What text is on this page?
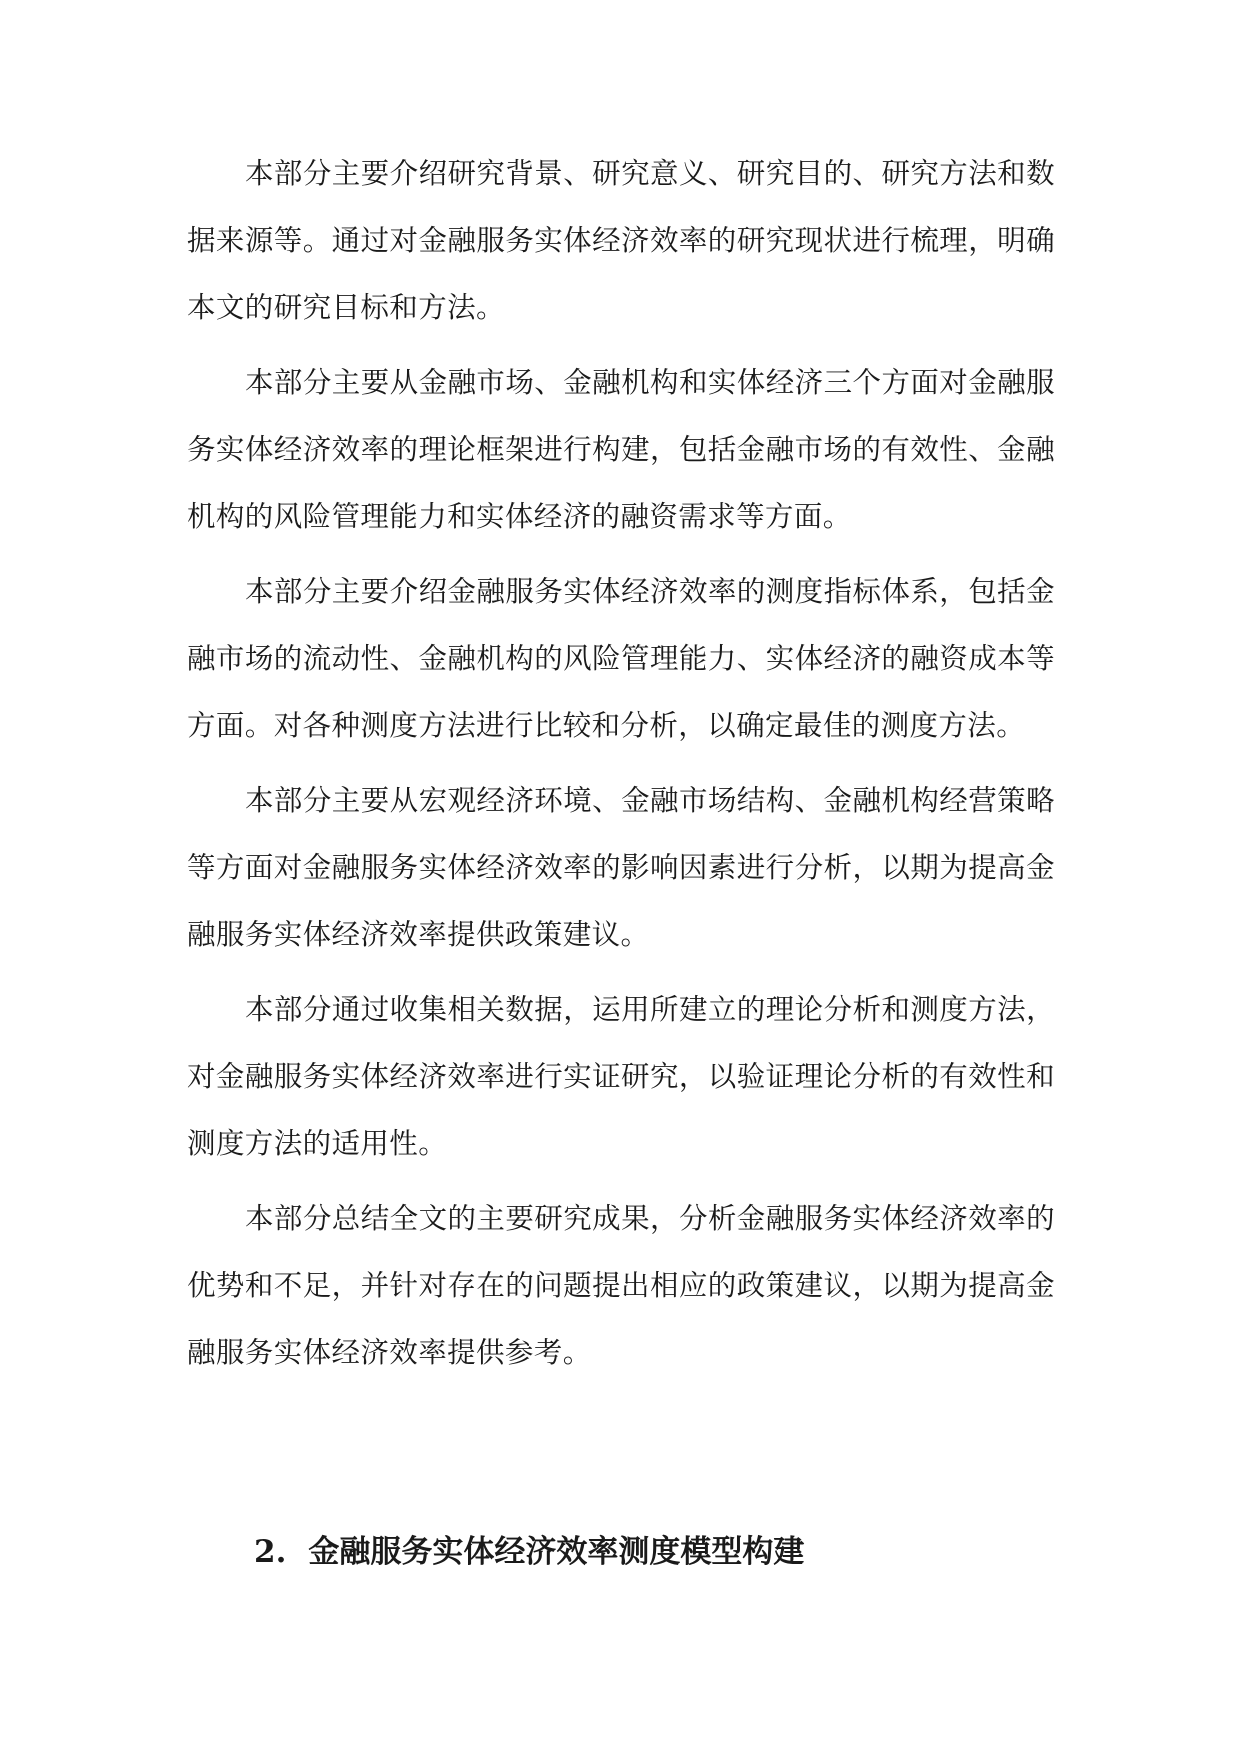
本部分主要介绍研究背景、研究意义、研究目的、研究方法和数据来源等。通过对金融服务实体经济效率的研究现状进行梳理，明确本文的研究目标和方法。

本部分主要从金融市场、金融机构和实体经济三个方面对金融服务实体经济效率的理论框架进行构建，包括金融市场的有效性、金融机构的风险管理能力和实体经济的融资需求等方面。

本部分主要介绍金融服务实体经济效率的测度指标体系，包括金融市场的流动性、金融机构的风险管理能力、实体经济的融资成本等方面。对各种测度方法进行比较和分析，以确定最佳的测度方法。

本部分主要从宏观经济环境、金融市场结构、金融机构经营策略等方面对金融服务实体经济效率的影响因素进行分析，以期为提高金融服务实体经济效率提供政策建议。

本部分通过收集相关数据，运用所建立的理论分析和测度方法，对金融服务实体经济效率进行实证研究，以验证理论分析的有效性和测度方法的适用性。

本部分总结全文的主要研究成果，分析金融服务实体经济效率的优势和不足，并针对存在的问题提出相应的政策建议，以期为提高金融服务实体经济效率提供参考。

2. 金融服务实体经济效率测度模型构建
